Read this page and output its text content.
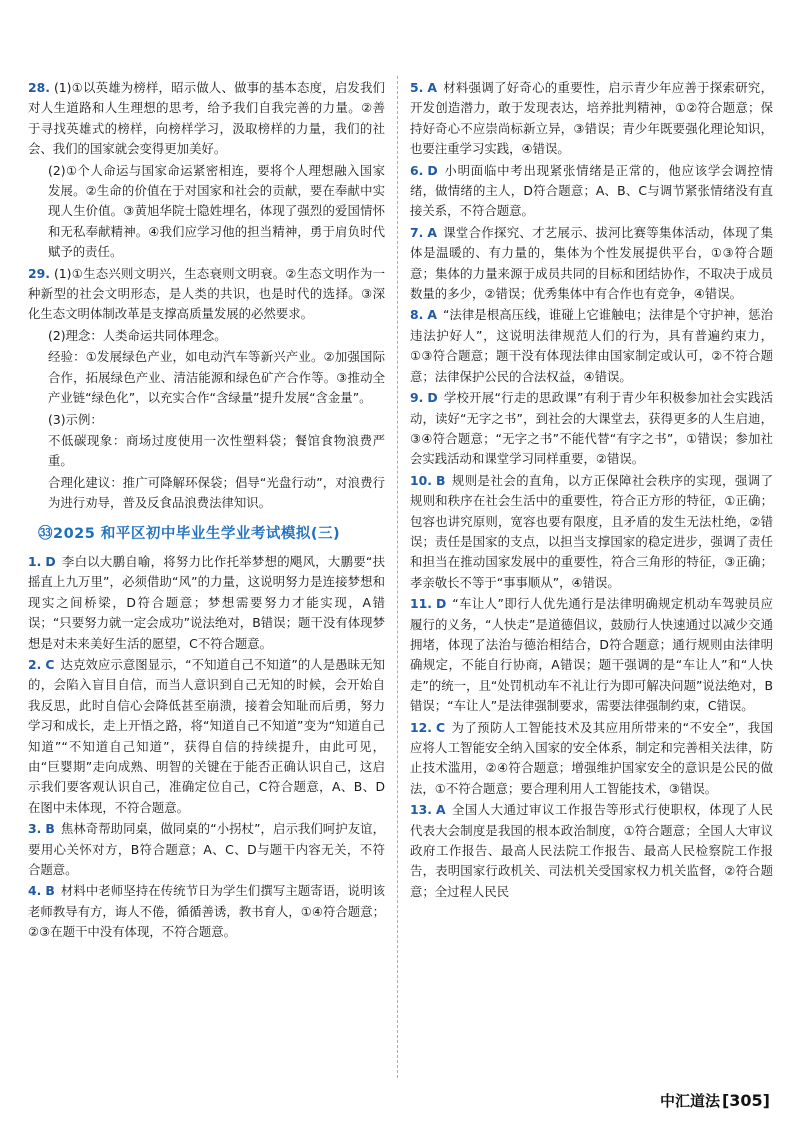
28. (1)①以英雄为榜样，昭示做人、做事的基本态度，启发我们对人生道路和人生理想的思考，给予我们自我完善的力量。②善于寻找英雄式的榜样，向榜样学习，汲取榜样的力量，我们的社会、我们的国家就会变得更加美好。
(2)①个人命运与国家命运紧密相连，要将个人理想融入国家发展。②生命的价值在于对国家和社会的贡献，要在奉献中实现人生价值。③黄旭华院士隐姓埋名，体现了强烈的爱国情怀和无私奉献精神。④我们应学习他的担当精神，勇于肩负时代赋予的责任。
29. (1)①生态兴则文明兴，生态衰则文明衰。②生态文明作为一种新型的社会文明形态，是人类的共识，也是时代的选择。③深化生态文明体制改革是支撑高质量发展的必然要求。
(2)理念：人类命运共同体理念。
经验：①发展绿色产业，如电动汽车等新兴产业。②加强国际合作，拓展绿色产业、清洁能源和绿色矿产合作等。③推动全产业链“绿色化”，以充实合作“含绿量”提升发展“含金量”。
(3)示例：
不低碳现象：商场过度使用一次性塑料袋；餐馆食物浪费严重。
合理化建议：推广可降解环保袋；倡导“光盘行动”，对浪费行为进行劝导，普及反食品浪费法律知识。
㉝2025 和平区初中毕业生学业考试模拟(三)
1. D 李白以大鹏自喻，将努力比作托举梦想的飓风，大鹏要“扶摇直上九万里”，必须借助“风”的力量，这说明努力是连接梦想和现实之间桥梁，D符合题意；梦想需要努力才能实现，A错误；“只要努力就一定会成功”说法绝对，B错误；题干没有体现梦想是对未来美好生活的愿望，C不符合题意。
2. C 达克效应示意图显示，“不知道自己不知道”的人是愚昧无知的，会陷入盲目自信，而当人意识到自己无知的时候，会开始自我反思，此时自信心会降低甚至崩溃，接着会知耻而后勇，努力学习和成长，走上开悟之路，将“知道自己不知道”变为“知道自己知道”“不知道自己知道”，获得自信的持续提升，由此可见，由“巨婴期”走向成熟、明智的关键在于能否正确认识自己，这启示我们要客观认识自己，准确定位自己，C符合题意，A、B、D在图中未体现，不符合题意。
3. B 焦林奇帮助同桌，做同桌的“小拐杖”，启示我们呵护友谊，要用心关怀对方，B符合题意；A、C、D与题干内容无关，不符合题意。
4. B 材料中老师坚持在传统节日为学生们撰写主题寄语，说明该老师教导有方，诲人不倦，循循善诱，教书育人，①④符合题意；②③在题干中没有体现，不符合题意。
5. A 材料强调了好奇心的重要性，启示青少年应善于探索研究，开发创造潜力，敢于发现表达，培养批判精神，①②符合题意；保持好奇心不应崇尚标新立异，③错误；青少年既要强化理论知识，也要注重学习实践，④错误。
6. D 小明面临中考出现紧张情绪是正常的，他应该学会调控情绪，做情绪的主人，D符合题意；A、B、C与调节紧张情绪没有直接关系，不符合题意。
7. A 课堂合作探究、才艺展示、拔河比赛等集体活动，体现了集体是温暖的、有力量的，集体为个性发展提供平台，①③符合题意；集体的力量来源于成员共同的目标和团结协作，不取决于成员数量的多少，②错误；优秀集体中有合作也有竞争，④错误。
8. A “法律是根高压线，谁碰上它谁触电；法律是个守护神，惩治违法护好人”，这说明法律规范人们的行为，具有普遍约束力，①③符合题意；题干没有体现法律由国家制定或认可，②不符合题意；法律保护公民的合法权益，④错误。
9. D 学校开展“行走的思政课”有利于青少年积极参加社会实践活动，读好“无字之书”，到社会的大课堂去，获得更多的人生启迪，③④符合题意；“无字之书”不能代替“有字之书”，①错误；参加社会实践活动和课堂学习同样重要，②错误。
10. B 规则是社会的直角，以方正保障社会秩序的实现，强调了规则和秩序在社会生活中的重要性，符合正方形的特征，①正确；包容也讲究原则，宽容也要有限度，且矛盾的发生无法杜绝，②错误；责任是国家的支点，以担当支撑国家的稳定进步，强调了责任和担当在推动国家发展中的重要性，符合三角形的特征，③正确；孝亲敬长不等于“事事顺从”，④错误。
11. D “车让人”即行人优先通行是法律明确规定机动车驾驶员应履行的义务，“人快走”是道德倡议，鼓励行人快速通过以减少交通拥堵，体现了法治与德治相结合，D符合题意；通行规则由法律明确规定，不能自行协商，A错误；题干强调的是“车让人”和“人快走”的统一，且“处罚机动车不礼让行为即可解决问题”说法绝对，B错误；“车让人”是法律强制要求，需要法律强制约束，C错误。
12. C 为了预防人工智能技术及其应用所带来的“不安全”，我国应将人工智能安全纳入国家的安全体系，制定和完善相关法律，防止技术滥用，②④符合题意；增强维护国家安全的意识是公民的做法，①不符合题意；要合理利用人工智能技术，③错误。
13. A 全国人大通过审议工作报告等形式行使职权，体现了人民代表大会制度是我国的根本政治制度，①符合题意；全国人大审议政府工作报告、最高人民法院工作报告、最高人民检察院工作报告，表明国家行政机关、司法机关受国家权力机关监督，②符合题意；全过程人民民
中汇道法 [305]
